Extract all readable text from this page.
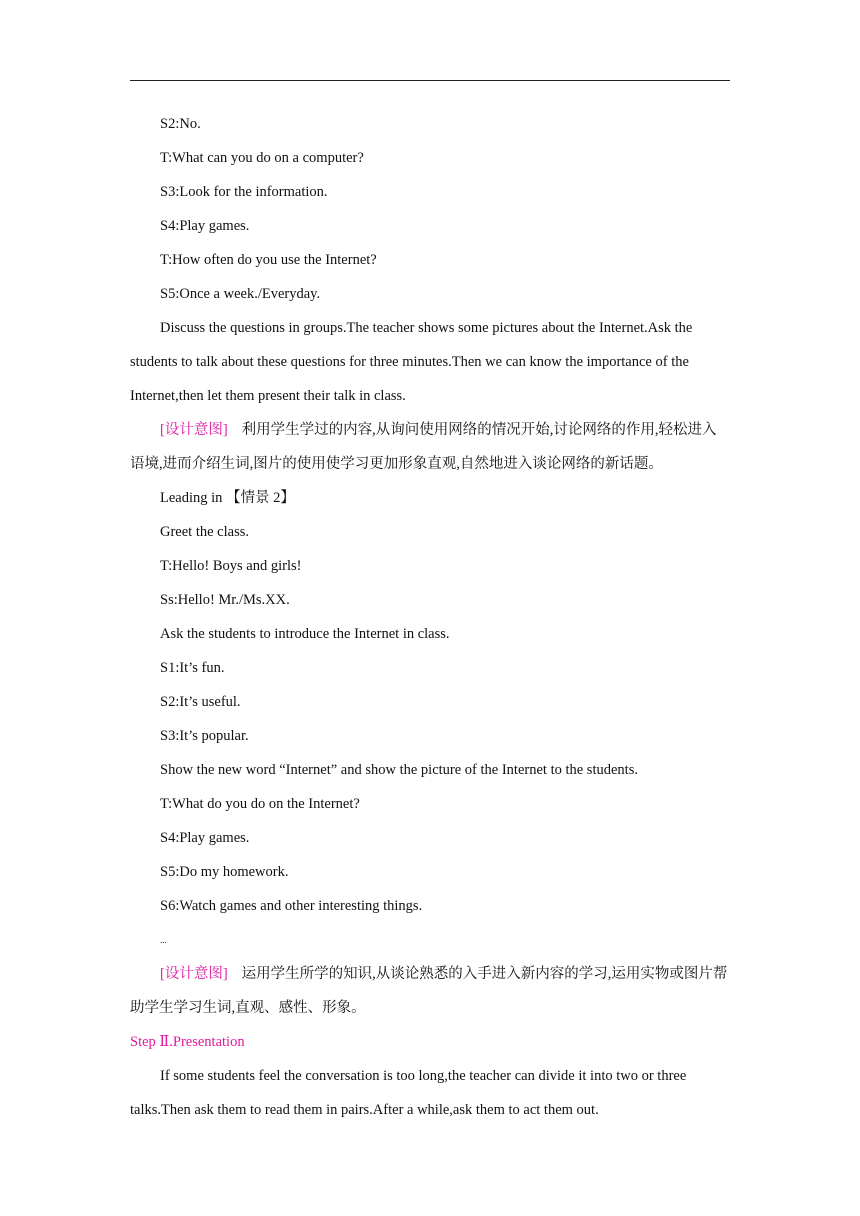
S2:No.

T:What can you do on a computer?

S3:Look for the information.

S4:Play games.

T:How often do you use the Internet?

S5:Once a week./Everyday.

Discuss the questions in groups.The teacher shows some pictures about the Internet.Ask the students to talk about these questions for three minutes.Then we can know the importance of the Internet,then let them present their talk in class.

[设计意图] 利用学生学过的内容,从询问使用网络的情况开始,讨论网络的作用,轻松进入语境,进而介绍生词,图片的使用使学习更加形象直观,自然地进入谈论网络的新话题。

Leading in 【情景 2】

Greet the class.

T:Hello! Boys and girls!

Ss:Hello! Mr./Ms.XX.

Ask the students to introduce the Internet in class.

S1:It’s fun.

S2:It’s useful.

S3:It’s popular.

Show the new word “Internet” and show the picture of the Internet to the students.

T:What do you do on the Internet?

S4:Play games.

S5:Do my homework.

S6:Watch games and other interesting things.

...

[设计意图] 运用学生所学的知识,从谈论熟悉的入手进入新内容的学习,运用实物或图片帮助学生学习生词,直观、感性、形象。

Step Ⅱ.Presentation

If some students feel the conversation is too long,the teacher can divide it into two or three talks.Then ask them to read them in pairs.After a while,ask them to act them out.
